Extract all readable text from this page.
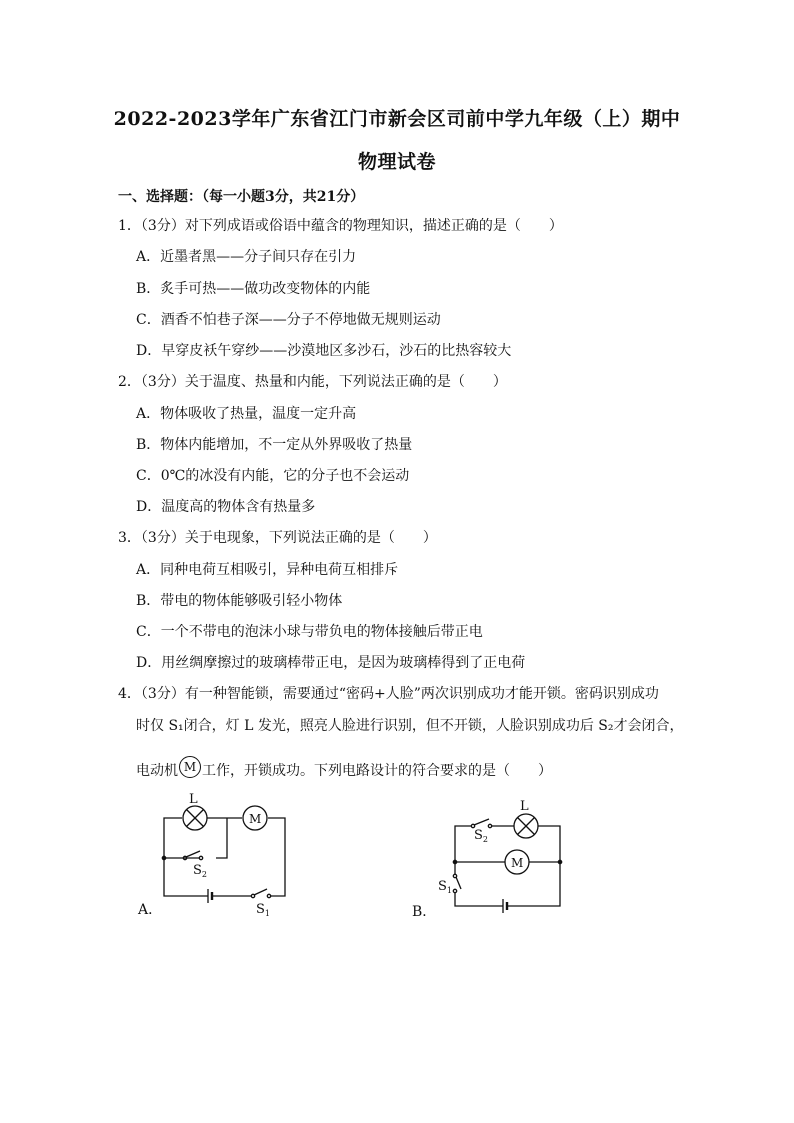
2022-2023学年广东省江门市新会区司前中学九年级（上）期中
物理试卷
一、选择题：（每一小题3分，共21分）
1．（3分）对下列成语或俗语中蕴含的物理知识，描述正确的是（　　）
A．近墨者黑——分子间只存在引力
B．炙手可热——做功改变物体的内能
C．酒香不怕巷子深——分子不停地做无规则运动
D．早穿皮袄午穿纱——沙漠地区多沙石，沙石的比热容较大
2．（3分）关于温度、热量和内能，下列说法正确的是（　　）
A．物体吸收了热量，温度一定升高
B．物体内能增加，不一定从外界吸收了热量
C．0℃的冰没有内能，它的分子也不会运动
D．温度高的物体含有热量多
3．（3分）关于电现象，下列说法正确的是（　　）
A．同种电荷互相吸引，异种电荷互相排斥
B．带电的物体能够吸引轻小物体
C．一个不带电的泡沫小球与带负电的物体接触后带正电
D．用丝绸摩擦过的玻璃棒带正电，是因为玻璃棒得到了正电荷
4．（3分）有一种智能锁，需要通过“密码+人脸”两次识别成功才能开锁。密码识别成功
时仅 S₁闭合，灯 L 发光，照亮人脸进行识别，但不开锁，人脸识别成功后 S₂才会闭合，
电动机 M 工作，开锁成功。下列电路设计的符合要求的是（　　）
L
M
$S_2$
$S_1$
A．
L
M
$S_2$
$S_1$
B．
